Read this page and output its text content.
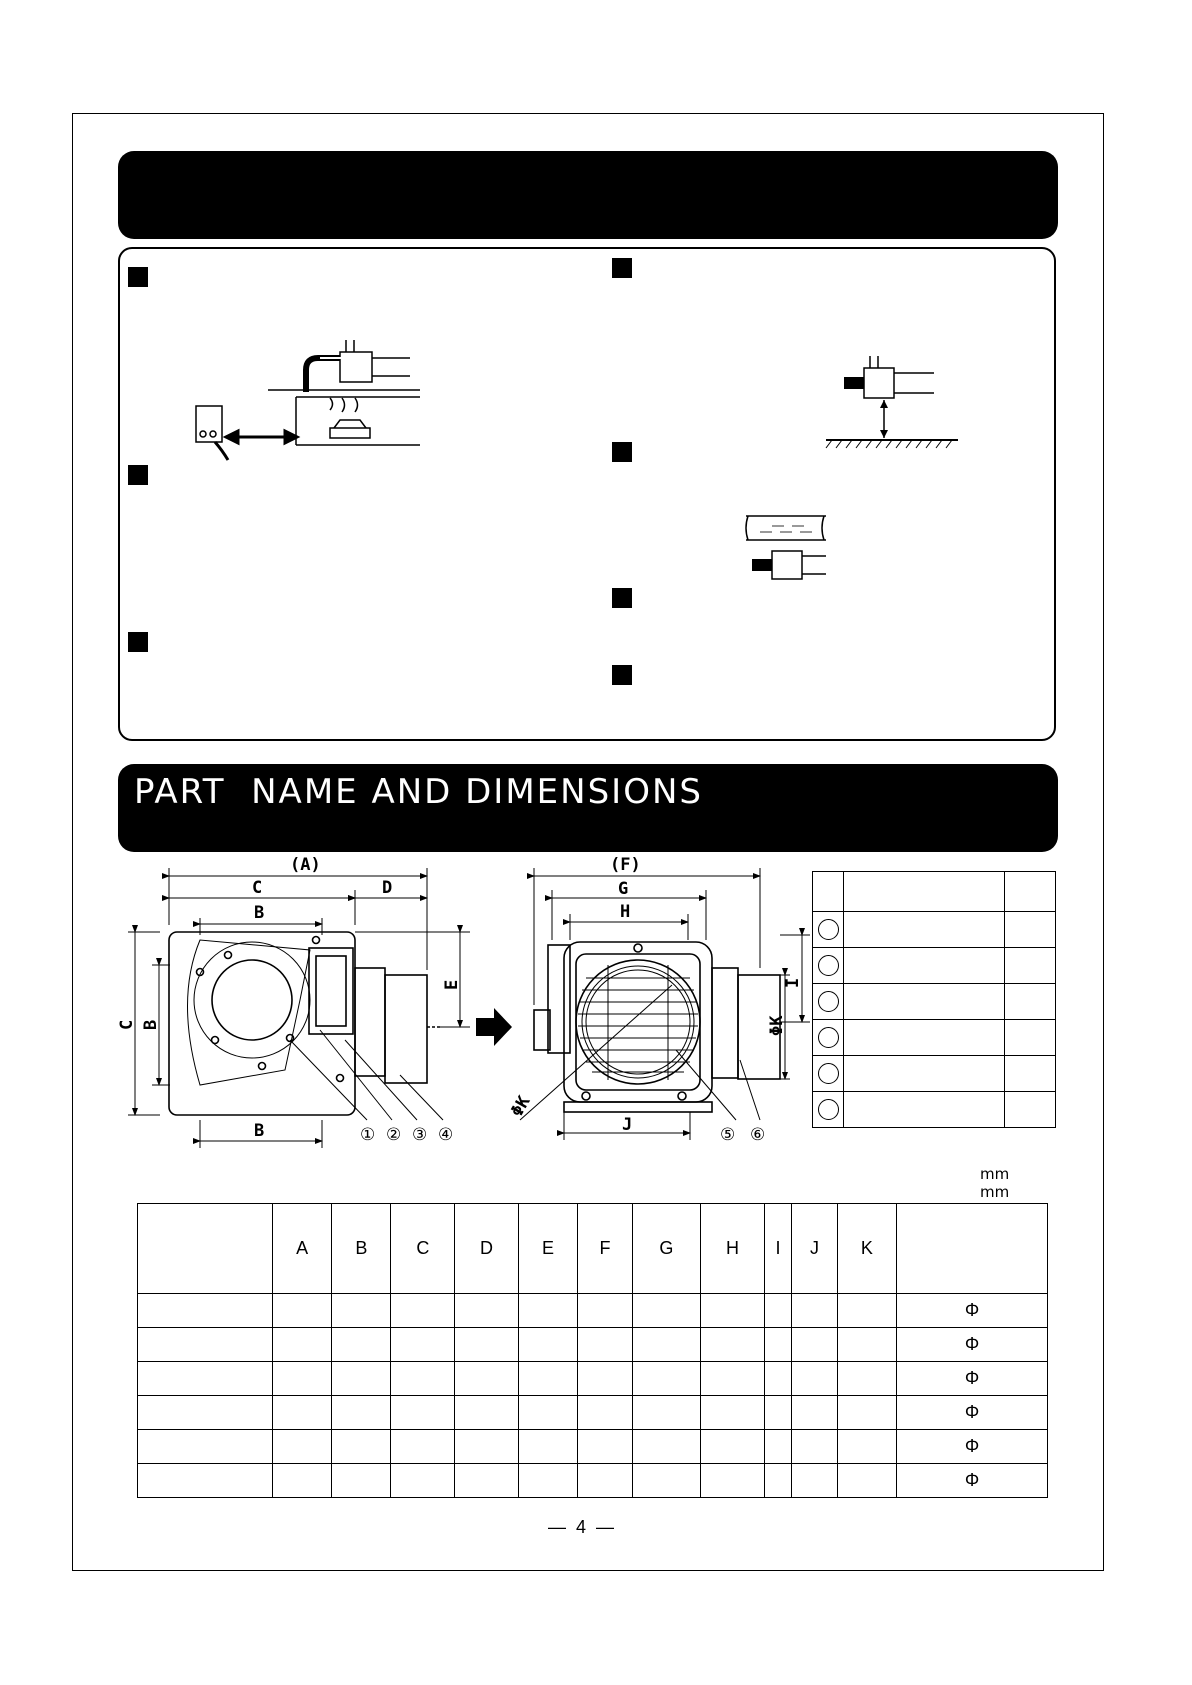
PART  NAME AND DIMENSIONS
(A)
C	D
B
B
C B
E
(F)
G
H
J
I
ΦK
ΦK
① ② ③ ④	⑤ ⑥

mm
mm
	A	B	C	D	E	F	G	H	I	J	K	
												Φ
												Φ
												Φ
												Φ
												Φ
												Φ
—  4  —
